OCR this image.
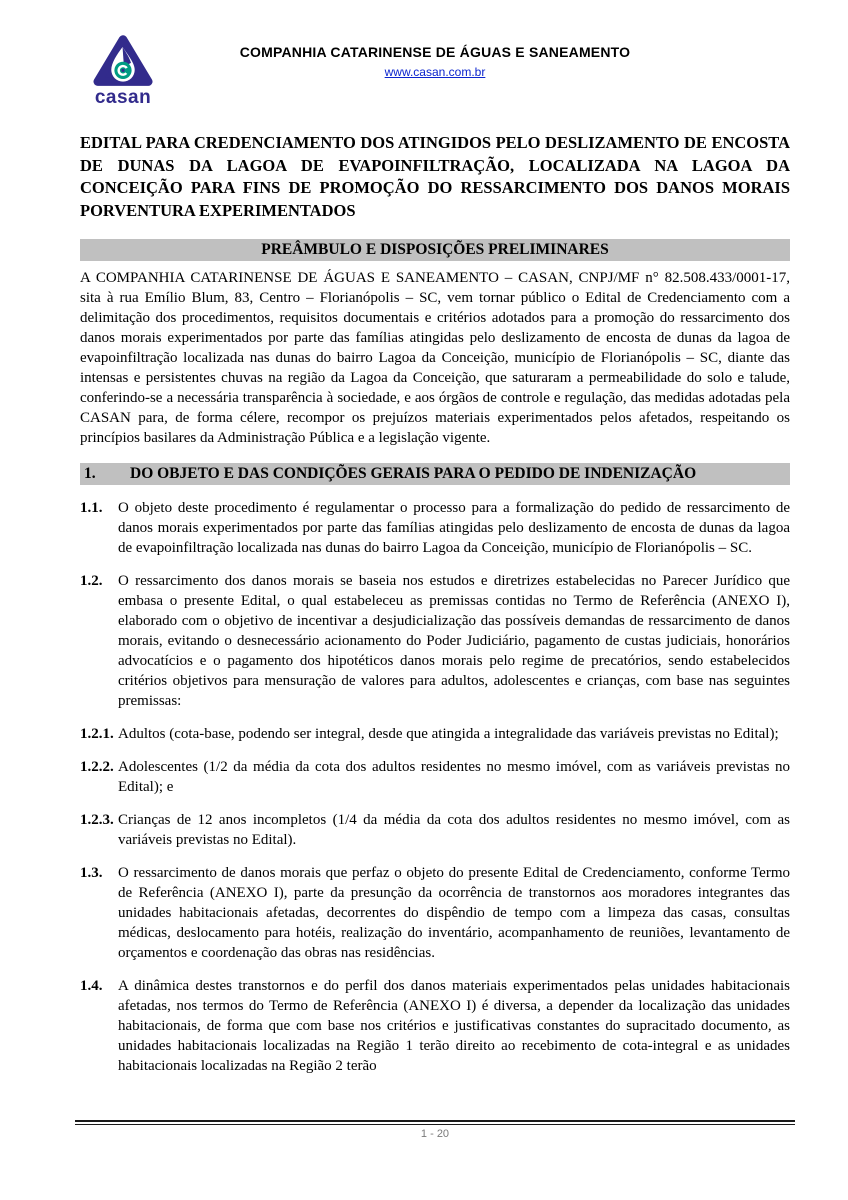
casan
COMPANHIA CATARINENSE DE ÁGUAS E SANEAMENTO
www.casan.com.br

EDITAL PARA CREDENCIAMENTO DOS ATINGIDOS PELO DESLIZAMENTO DE ENCOSTA DE DUNAS DA LAGOA DE EVAPOINFILTRAÇÃO, LOCALIZADA NA LAGOA DA CONCEIÇÃO PARA FINS DE PROMOÇÃO DO RESSARCIMENTO DOS DANOS MORAIS PORVENTURA EXPERIMENTADOS

PREÂMBULO E DISPOSIÇÕES PRELIMINARES

A COMPANHIA CATARINENSE DE ÁGUAS E SANEAMENTO – CASAN, CNPJ/MF n° 82.508.433/0001-17, sita à rua Emílio Blum, 83, Centro – Florianópolis – SC, vem tornar público o Edital de Credenciamento com a delimitação dos procedimentos, requisitos documentais e critérios adotados para a promoção do ressarcimento dos danos morais experimentados por parte das famílias atingidas pelo deslizamento de encosta de dunas da lagoa de evapoinfiltração localizada nas dunas do bairro Lagoa da Conceição, município de Florianópolis – SC, diante das intensas e persistentes chuvas na região da Lagoa da Conceição, que saturaram a permeabilidade do solo e talude, conferindo-se a necessária transparência à sociedade, e aos órgãos de controle e regulação, das medidas adotadas pela CASAN para, de forma célere, recompor os prejuízos materiais experimentados pelos afetados, respeitando os princípios basilares da Administração Pública e a legislação vigente.

1.	DO OBJETO E DAS CONDIÇÕES GERAIS PARA O PEDIDO DE INDENIZAÇÃO
1.1.	O objeto deste procedimento é regulamentar o processo para a formalização do pedido de ressarcimento de danos morais experimentados por parte das famílias atingidas pelo deslizamento de encosta de dunas da lagoa de evapoinfiltração localizada nas dunas do bairro Lagoa da Conceição, município de Florianópolis – SC.
1.2.	O ressarcimento dos danos morais se baseia nos estudos e diretrizes estabelecidas no Parecer Jurídico que embasa o presente Edital, o qual estabeleceu as premissas contidas no Termo de Referência (ANEXO I), elaborado com o objetivo de incentivar a desjudicialização das possíveis demandas de ressarcimento de danos morais, evitando o desnecessário acionamento do Poder Judiciário, pagamento de custas judiciais, honorários advocatícios e o pagamento dos hipotéticos danos morais pelo regime de precatórios, sendo estabelecidos critérios objetivos para mensuração de valores para adultos, adolescentes e crianças, com base nas seguintes premissas:
1.2.1. Adultos (cota-base, podendo ser integral, desde que atingida a integralidade das variáveis previstas no Edital);
1.2.2. Adolescentes (1/2 da média da cota dos adultos residentes no mesmo imóvel, com as variáveis previstas no Edital); e
1.2.3. Crianças de 12 anos incompletos (1/4 da média da cota dos adultos residentes no mesmo imóvel, com as variáveis previstas no Edital).
1.3.	O ressarcimento de danos morais que perfaz o objeto do presente Edital de Credenciamento, conforme Termo de Referência (ANEXO I), parte da presunção da ocorrência de transtornos aos moradores integrantes das unidades habitacionais afetadas, decorrentes do dispêndio de tempo com a limpeza das casas, consultas médicas, deslocamento para hotéis, realização do inventário, acompanhamento de reuniões, levantamento de orçamentos e coordenação das obras nas residências.
1.4.	A dinâmica destes transtornos e do perfil dos danos materiais experimentados pelas unidades habitacionais afetadas, nos termos do Termo de Referência (ANEXO I) é diversa, a depender da localização das unidades habitacionais, de forma que com base nos critérios e justificativas constantes do supracitado documento, as unidades habitacionais localizadas na Região 1 terão direito ao recebimento de cota-integral e as unidades habitacionais localizadas na Região 2 terão
1 - 20
